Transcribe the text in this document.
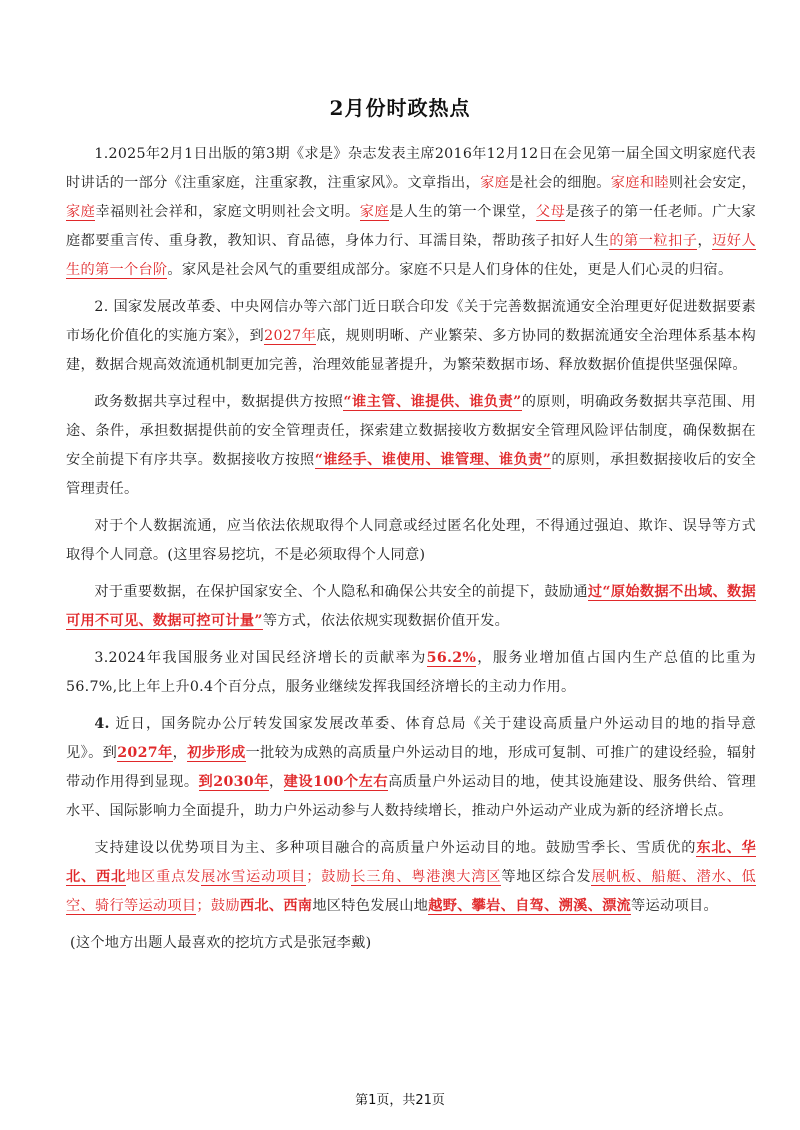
2月份时政热点

1.2025年2月1日出版的第3期《求是》杂志发表主席2016年12月12日在会见第一届全国文明家庭代表时讲话的一部分《注重家庭，注重家教，注重家风》。文章指出，家庭是社会的细胞。家庭和睦则社会安定，家庭幸福则社会祥和，家庭文明则社会文明。家庭是人生的第一个课堂，父母是孩子的第一任老师。广大家庭都要重言传、重身教，教知识、育品德，身体力行、耳濡目染，帮助孩子扣好人生的第一粒扣子，迈好人生的第一个台阶。家风是社会风气的重要组成部分。家庭不只是人们身体的住处，更是人们心灵的归宿。

2. 国家发展改革委、中央网信办等六部门近日联合印发《关于完善数据流通安全治理更好促进数据要素市场化价值化的实施方案》，到2027年底，规则明晰、产业繁荣、多方协同的数据流通安全治理体系基本构建，数据合规高效流通机制更加完善，治理效能显著提升，为繁荣数据市场、释放数据价值提供坚强保障。

政务数据共享过程中，数据提供方按照“谁主管、谁提供、谁负责”的原则，明确政务数据共享范围、用途、条件，承担数据提供前的安全管理责任，探索建立数据接收方数据安全管理风险评估制度，确保数据在安全前提下有序共享。数据接收方按照“谁经手、谁使用、谁管理、谁负责”的原则，承担数据接收后的安全管理责任。

对于个人数据流通，应当依法依规取得个人同意或经过匿名化处理，不得通过强迫、欺诈、误导等方式取得个人同意。(这里容易挖坑，不是必须取得个人同意)

对于重要数据，在保护国家安全、个人隐私和确保公共安全的前提下，鼓励通过“原始数据不出域、数据可用不可见、数据可控可计量”等方式，依法依规实现数据价值开发。

3.2024年我国服务业对国民经济增长的贡献率为56.2%，服务业增加值占国内生产总值的比重为56.7%,比上年上升0.4个百分点，服务业继续发挥我国经济增长的主动力作用。

4. 近日，国务院办公厅转发国家发展改革委、体育总局《关于建设高质量户外运动目的地的指导意见》。到2027年，初步形成一批较为成熟的高质量户外运动目的地，形成可复制、可推广的建设经验，辐射带动作用得到显现。到2030年，建设100个左右高质量户外运动目的地，使其设施建设、服务供给、管理水平、国际影响力全面提升，助力户外运动参与人数持续增长，推动户外运动产业成为新的经济增长点。

支持建设以优势项目为主、多种项目融合的高质量户外运动目的地。鼓励雪季长、雪质优的东北、华北、西北地区重点发展冰雪运动项目；鼓励长三角、粤港澳大湾区等地区综合发展帆板、船艇、潜水、低空、骑行等运动项目；鼓励西北、西南地区特色发展山地越野、攀岩、自驾、溯溪、漂流等运动项目。

(这个地方出题人最喜欢的挖坑方式是张冠李戴)

第1页，共21页
